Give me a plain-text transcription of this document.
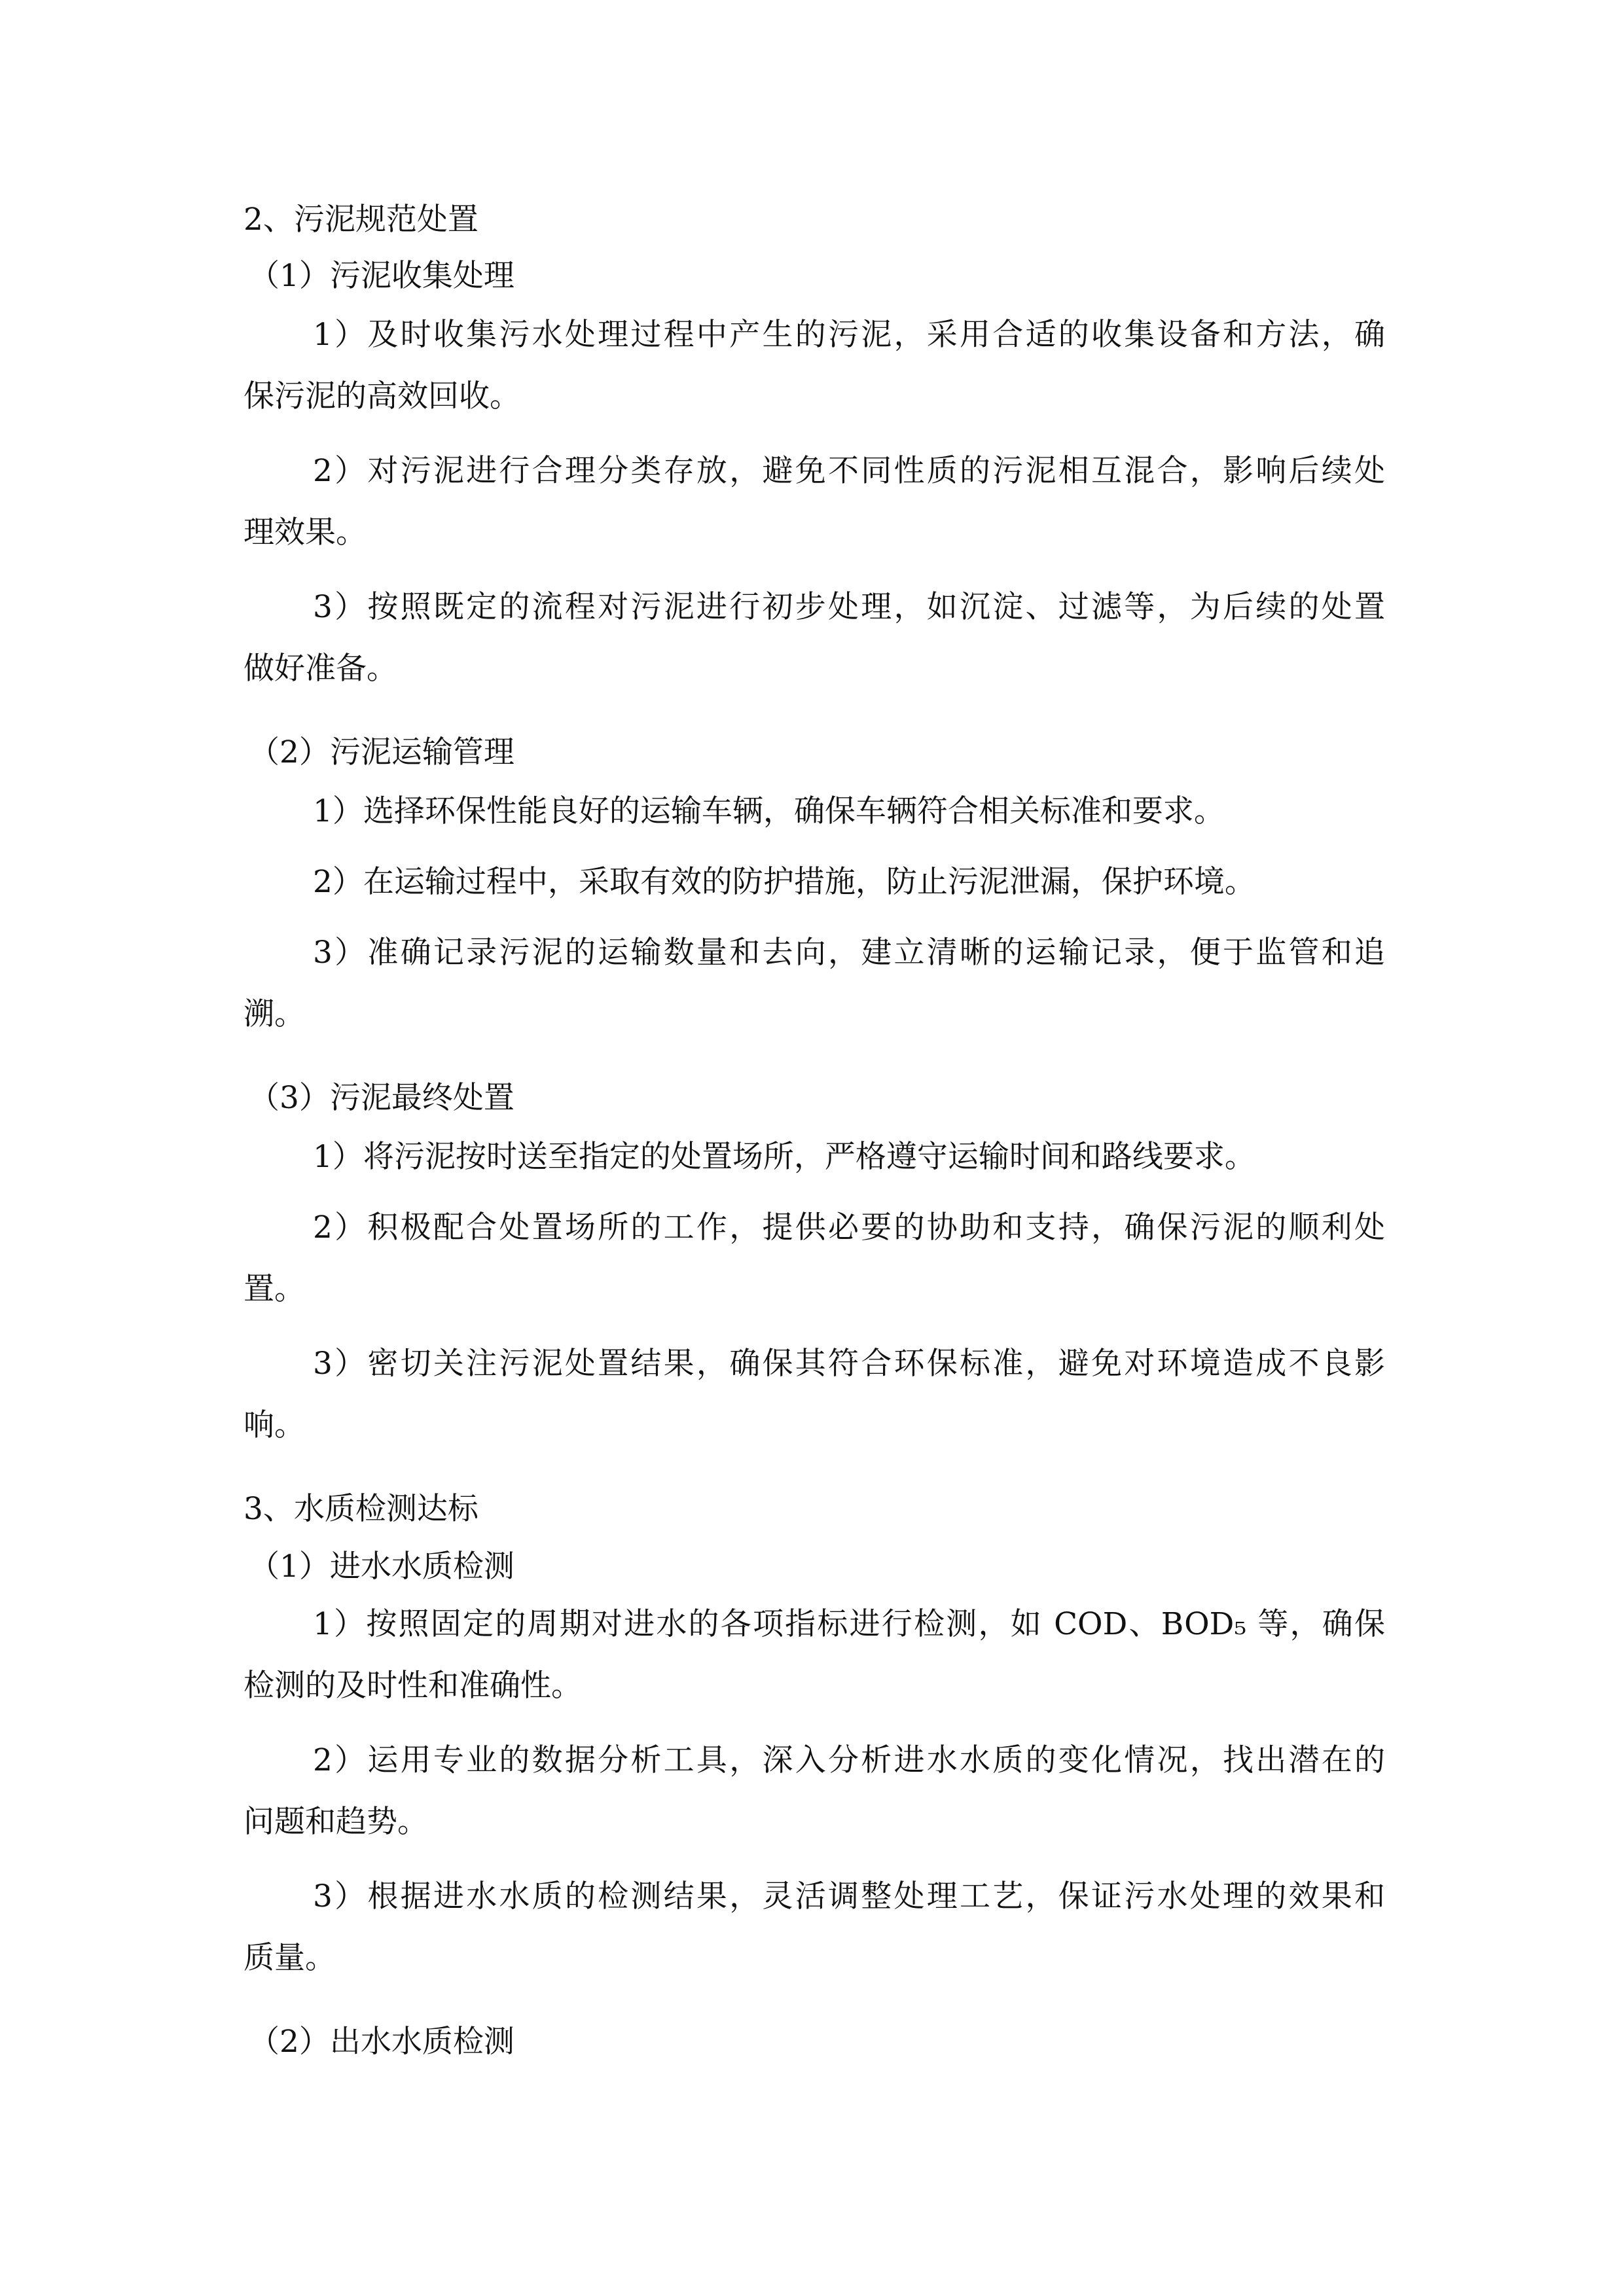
2、污泥规范处置
（1）污泥收集处理
1）及时收集污水处理过程中产生的污泥，采用合适的收集设备和方法，确
保污泥的高效回收。
2）对污泥进行合理分类存放，避免不同性质的污泥相互混合，影响后续处
理效果。
3）按照既定的流程对污泥进行初步处理，如沉淀、过滤等，为后续的处置
做好准备。
（2）污泥运输管理
1）选择环保性能良好的运输车辆，确保车辆符合相关标准和要求。
2）在运输过程中，采取有效的防护措施，防止污泥泄漏，保护环境。
3）准确记录污泥的运输数量和去向，建立清晰的运输记录，便于监管和追
溯。
（3）污泥最终处置
1）将污泥按时送至指定的处置场所，严格遵守运输时间和路线要求。
2）积极配合处置场所的工作，提供必要的协助和支持，确保污泥的顺利处
置。
3）密切关注污泥处置结果，确保其符合环保标准，避免对环境造成不良影
响。
3、水质检测达标
（1）进水水质检测
1）按照固定的周期对进水的各项指标进行检测，如 COD、BOD₅ 等，确保
检测的及时性和准确性。
2）运用专业的数据分析工具，深入分析进水水质的变化情况，找出潜在的
问题和趋势。
3）根据进水水质的检测结果，灵活调整处理工艺，保证污水处理的效果和
质量。
（2）出水水质检测
